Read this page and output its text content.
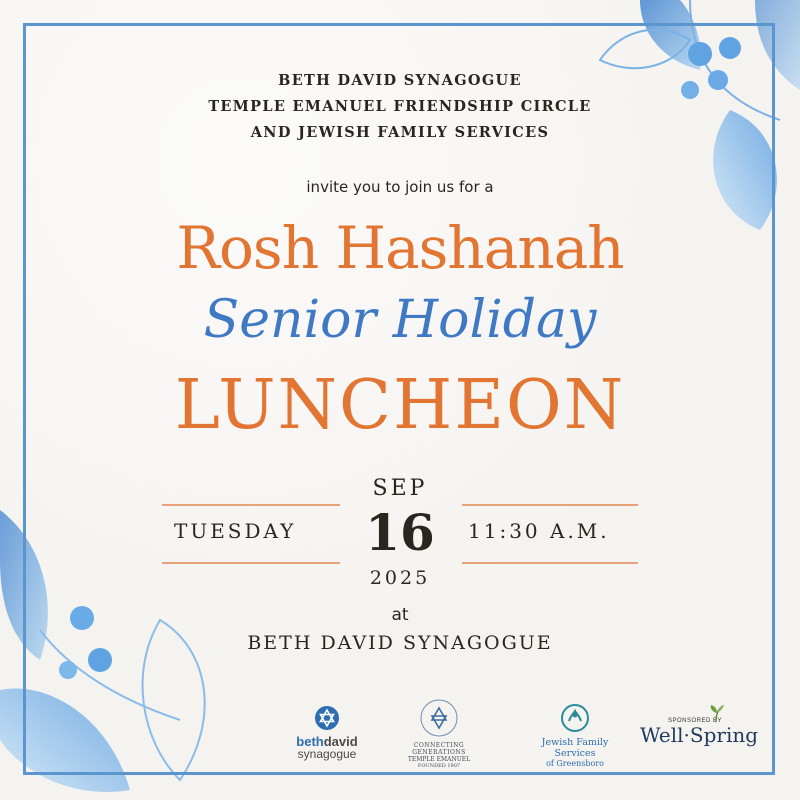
BETH DAVID SYNAGOGUE
TEMPLE EMANUEL FRIENDSHIP CIRCLE
AND JEWISH FAMILY SERVICES
invite you to join us for a
Rosh Hashanah
Senior Holiday
LUNCHEON
TUESDAY	11:30 A.M.
SEP
16
2025
at
BETH DAVID SYNAGOGUE
bethdavid
synagogue
CONNECTING GENERATIONS
TEMPLE EMANUEL
FOUNDED 1907
Jewish Family Services
of Greensboro
SPONSORED BY
Well·Spring
